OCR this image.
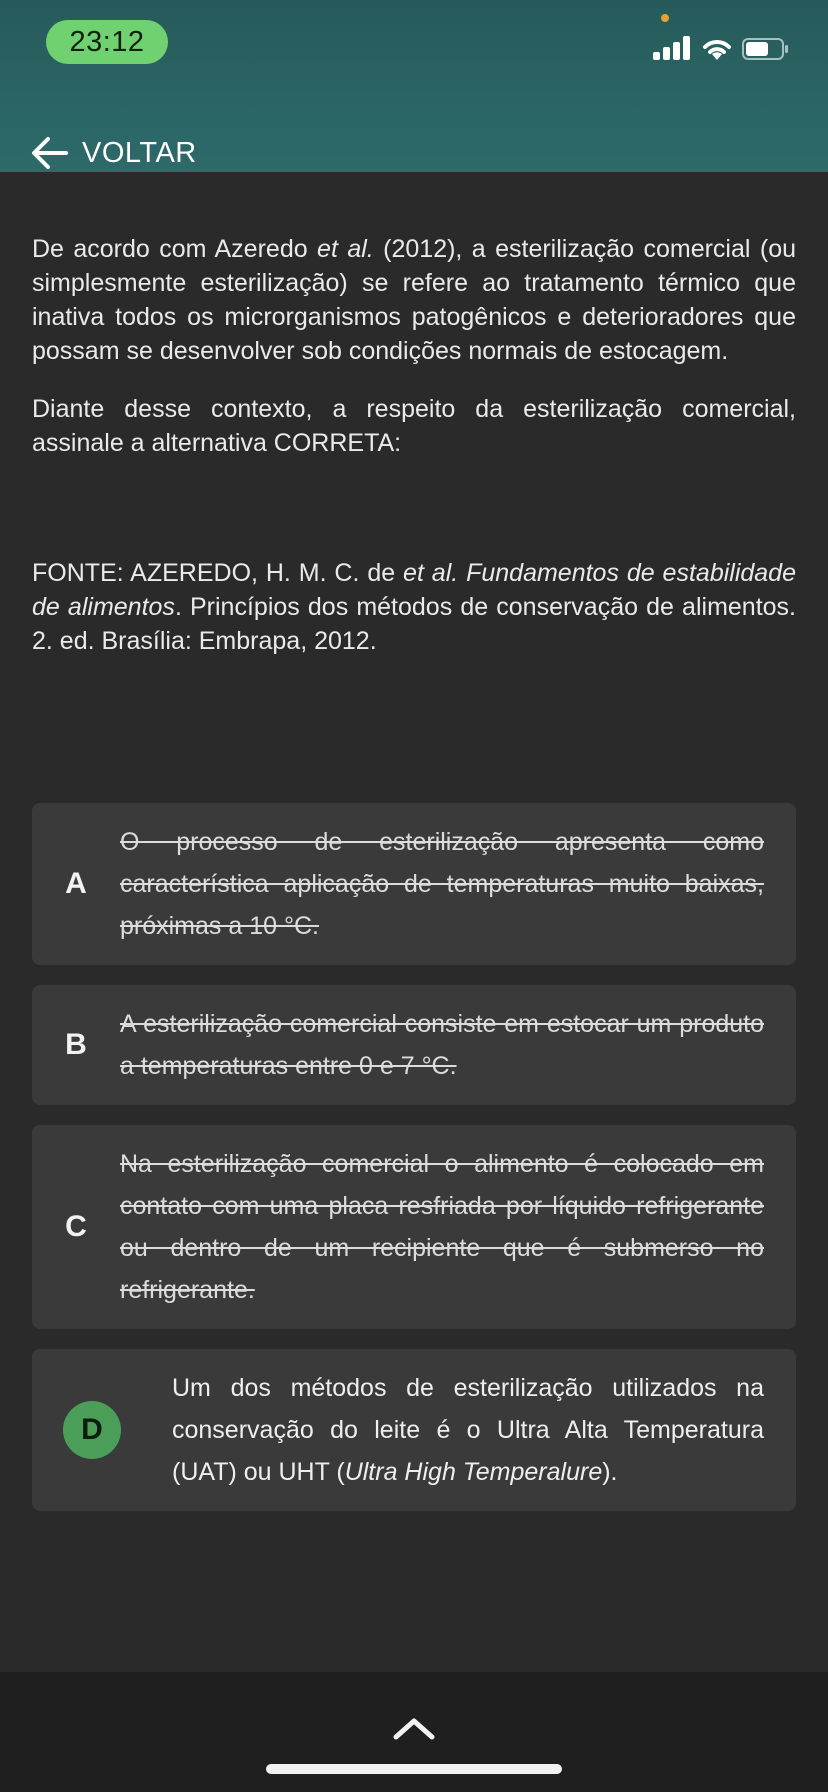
23:12
VOLTAR

De acordo com Azeredo et al. (2012), a esterilização comercial (ou simplesmente esterilização) se refere ao tratamento térmico que inativa todos os microrganismos patogênicos e deterioradores que possam se desenvolver sob condições normais de estocagem.

Diante desse contexto, a respeito da esterilização comercial, assinale a alternativa CORRETA:

FONTE: AZEREDO, H. M. C. de et al. Fundamentos de estabilidade de alimentos. Princípios dos métodos de conservação de alimentos. 2. ed. Brasília: Embrapa, 2012.

A
O processo de esterilização apresenta como característica aplicação de temperaturas muito baixas, próximas a 10 °C.
B
A esterilização comercial consiste em estocar um produto a temperaturas entre 0 e 7 °C.
C
Na esterilização comercial o alimento é colocado em contato com uma placa resfriada por líquido refrigerante ou dentro de um recipiente que é submerso no refrigerante.
D
Um dos métodos de esterilização utilizados na conservação do leite é o Ultra Alta Temperatura (UAT) ou UHT (Ultra High Temperalure).
